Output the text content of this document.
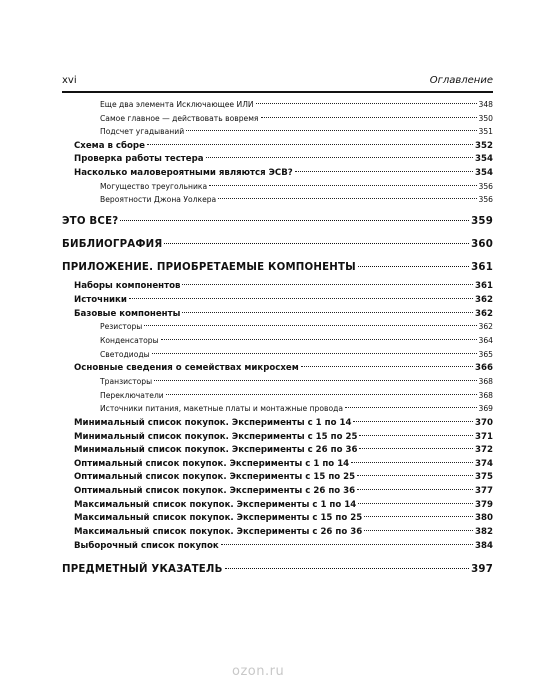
xvi	Оглавление
Еще два элемента Исключающее ИЛИ	348
Самое главное — действовать вовремя	350
Подсчет угадываний	351
Схема в сборе	352
Проверка работы тестера	354
Насколько маловероятными являются ЭСВ?	354
Могущество треугольника	356
Вероятности Джона Уолкера	356
ЭТО ВСЕ?	359
БИБЛИОГРАФИЯ	360
ПРИЛОЖЕНИЕ. ПРИОБРЕТАЕМЫЕ КОМПОНЕНТЫ	361
Наборы компонентов	361
Источники	362
Базовые компоненты	362
Резисторы	362
Конденсаторы	364
Светодиоды	365
Основные сведения о семействах микросхем	366
Транзисторы	368
Переключатели	368
Источники питания, макетные платы и монтажные провода	369
Минимальный список покупок. Эксперименты с 1 по 14	370
Минимальный список покупок. Эксперименты с 15 по 25	371
Минимальный список покупок. Эксперименты с 26 по 36	372
Оптимальный список покупок. Эксперименты с 1 по 14	374
Оптимальный список покупок. Эксперименты с 15 по 25	375
Оптимальный список покупок. Эксперименты с 26 по 36	377
Максимальный список покупок. Эксперименты с 1 по 14	379
Максимальный список покупок. Эксперименты с 15 по 25	380
Максимальный список покупок. Эксперименты с 26 по 36	382
Выборочный список покупок	384
ПРЕДМЕТНЫЙ УКАЗАТЕЛЬ	397
ozon.ru
